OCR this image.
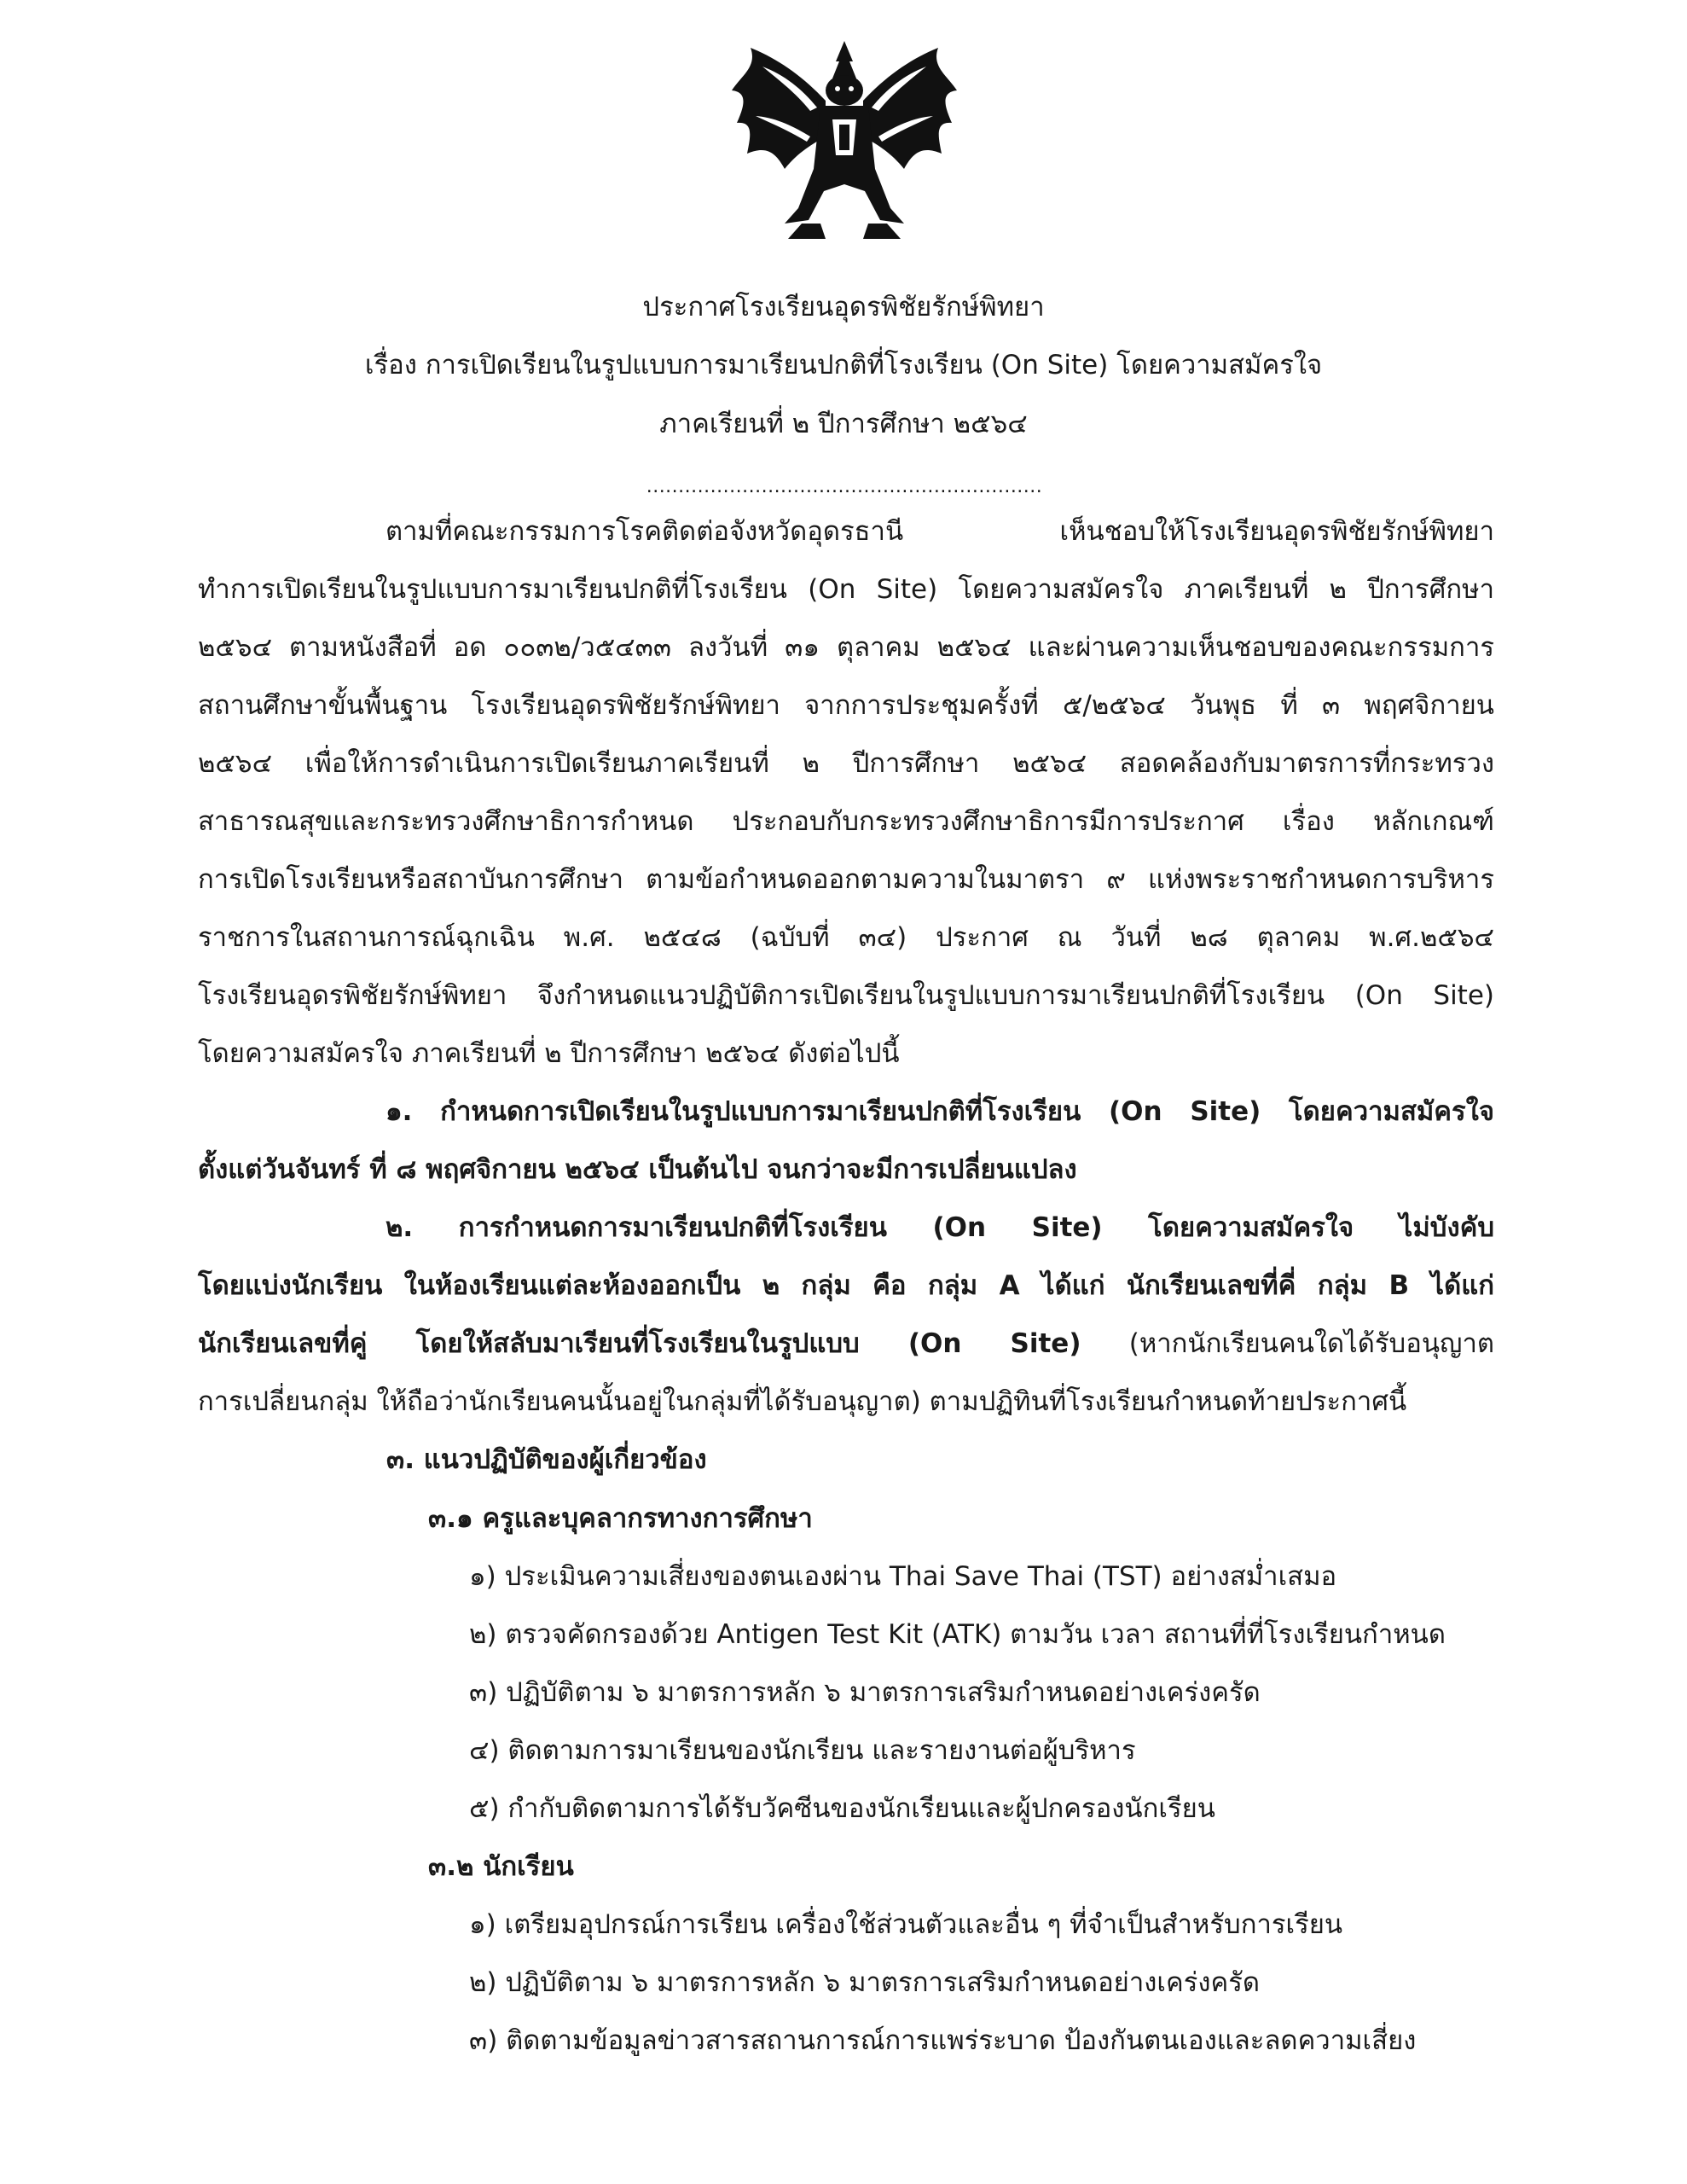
ประกาศโรงเรียนอุดรพิชัยรักษ์พิทยา
เรื่อง การเปิดเรียนในรูปแบบการมาเรียนปกติที่โรงเรียน (On Site) โดยความสมัครใจ
ภาคเรียนที่ ๒ ปีการศึกษา ๒๕๖๔
..............................................................
ตามที่คณะกรรมการโรคติดต่อจังหวัดอุดรธานี เห็นชอบให้โรงเรียนอุดรพิชัยรักษ์พิทยา
ทำการเปิดเรียนในรูปแบบการมาเรียนปกติที่โรงเรียน (On Site) โดยความสมัครใจ ภาคเรียนที่ ๒ ปีการศึกษา
๒๕๖๔ ตามหนังสือที่ อด ๐๐๓๒/ว๕๔๓๓ ลงวันที่ ๓๑ ตุลาคม ๒๕๖๔ และผ่านความเห็นชอบของคณะกรรมการ
สถานศึกษาขั้นพื้นฐาน โรงเรียนอุดรพิชัยรักษ์พิทยา จากการประชุมครั้งที่ ๕/๒๕๖๔ วันพุธ ที่ ๓ พฤศจิกายน
๒๕๖๔ เพื่อให้การดำเนินการเปิดเรียนภาคเรียนที่ ๒ ปีการศึกษา ๒๕๖๔ สอดคล้องกับมาตรการที่กระทรวง
สาธารณสุขและกระทรวงศึกษาธิการกำหนด ประกอบกับกระทรวงศึกษาธิการมีการประกาศ เรื่อง หลักเกณฑ์
การเปิดโรงเรียนหรือสถาบันการศึกษา ตามข้อกำหนดออกตามความในมาตรา ๙ แห่งพระราชกำหนดการบริหาร
ราชการในสถานการณ์ฉุกเฉิน พ.ศ. ๒๕๔๘ (ฉบับที่ ๓๔) ประกาศ ณ วันที่ ๒๘ ตุลาคม พ.ศ.๒๕๖๔
โรงเรียนอุดรพิชัยรักษ์พิทยา จึงกำหนดแนวปฏิบัติการเปิดเรียนในรูปแบบการมาเรียนปกติที่โรงเรียน (On Site)
โดยความสมัครใจ ภาคเรียนที่ ๒ ปีการศึกษา ๒๕๖๔ ดังต่อไปนี้
๑. กำหนดการเปิดเรียนในรูปแบบการมาเรียนปกติที่โรงเรียน (On Site) โดยความสมัครใจ
ตั้งแต่วันจันทร์ ที่ ๘ พฤศจิกายน ๒๕๖๔ เป็นต้นไป จนกว่าจะมีการเปลี่ยนแปลง
๒. การกำหนดการมาเรียนปกติที่โรงเรียน (On Site) โดยความสมัครใจ ไม่บังคับ
โดยแบ่งนักเรียน ในห้องเรียนแต่ละห้องออกเป็น ๒ กลุ่ม คือ กลุ่ม A ได้แก่ นักเรียนเลขที่คี่ กลุ่ม B ได้แก่
นักเรียนเลขที่คู่ โดยให้สลับมาเรียนที่โรงเรียนในรูปแบบ (On Site) (หากนักเรียนคนใดได้รับอนุญาต
การเปลี่ยนกลุ่ม ให้ถือว่านักเรียนคนนั้นอยู่ในกลุ่มที่ได้รับอนุญาต) ตามปฏิทินที่โรงเรียนกำหนดท้ายประกาศนี้
๓. แนวปฏิบัติของผู้เกี่ยวข้อง
๓.๑ ครูและบุคลากรทางการศึกษา
๑) ประเมินความเสี่ยงของตนเองผ่าน Thai Save Thai (TST) อย่างสม่ำเสมอ
๒) ตรวจคัดกรองด้วย Antigen Test Kit (ATK) ตามวัน เวลา สถานที่ที่โรงเรียนกำหนด
๓) ปฏิบัติตาม ๖ มาตรการหลัก ๖ มาตรการเสริมกำหนดอย่างเคร่งครัด
๔) ติดตามการมาเรียนของนักเรียน และรายงานต่อผู้บริหาร
๕) กำกับติดตามการได้รับวัคซีนของนักเรียนและผู้ปกครองนักเรียน
๓.๒ นักเรียน
๑) เตรียมอุปกรณ์การเรียน เครื่องใช้ส่วนตัวและอื่น ๆ ที่จำเป็นสำหรับการเรียน
๒) ปฏิบัติตาม ๖ มาตรการหลัก ๖ มาตรการเสริมกำหนดอย่างเคร่งครัด
๓) ติดตามข้อมูลข่าวสารสถานการณ์การแพร่ระบาด ป้องกันตนเองและลดความเสี่ยง
